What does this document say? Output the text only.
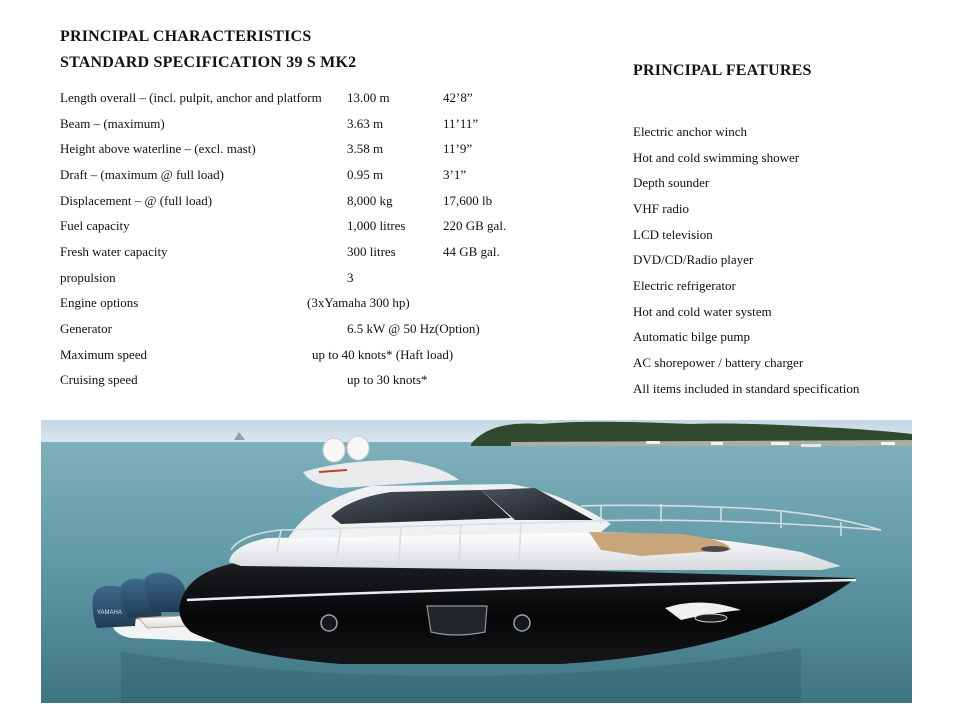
PRINCIPAL CHARACTERISTICS
STANDARD SPECIFICATION 39 S MK2	PRINCIPAL FEATURES
Length overall – (incl. pulpit, anchor and platform 13.00 m	42’8”
Beam – (maximum)	3.63 m	11’11”
Height above waterline – (excl. mast)	3.58 m	11’9”
Draft – (maximum @ full load)	0.95 m	3’1”
Displacement – @ (full load)	8,000 kg	17,600 lb
Fuel capacity	1,000 litres	220 GB gal.
Fresh water capacity	300 litres	44 GB gal.
propulsion	3
Engine options	(3xYamaha 300 hp)
Generator	6.5 kW @ 50 Hz(Option)
Maximum speed	up to 40 knots* (Haft load)
Cruising speed	up to 30 knots*
Electric anchor winch
Hot and cold swimming shower
Depth sounder
VHF radio
LCD television
DVD/CD/Radio player
Electric refrigerator
Hot and cold water system
Automatic bilge pump
AC shorepower / battery charger
All items included in standard specification
YAMAHA
